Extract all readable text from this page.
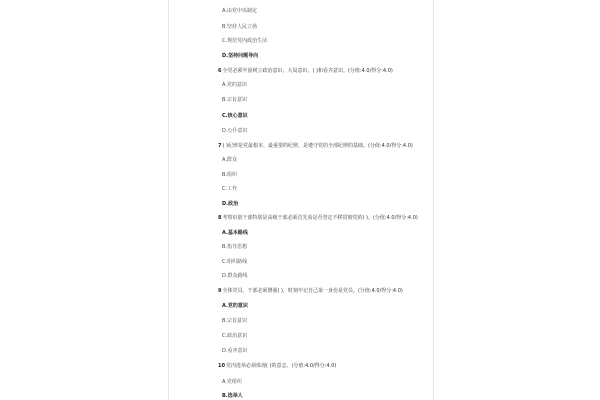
A.由党中央制定
B.坚持人民立场
C.规范党内政治生活
D.坚持问题导向
6全党必须牢固树立政治意识、大局意识、( )和看齐意识。(分值:4.0/得分:4.0)
A.党的意识
B.宗旨意识
C.核心意识
D.公仆意识
7( )纪律是党最根本、最重要的纪律，是遵守党的全部纪律的基础。(分值:4.0/得分:4.0)
A.群众
B.组织
C.工作
D.政治
8考察识别干部特别是高级干部必须首先看是否坚定不移贯彻党的( )。(分值:4.0/得分:4.0)
A.基本路线
B.指导思想
C.组织路线
D.群众路线
9全体党员、干部必须增强( )，时刻牢记自己第一身份是党员。(分值:4.0/得分:4.0)
A.党的意识
B.宗旨意识
C.政治意识
D.看齐意识
10党内选举必须体现( )的意志。(分值:4.0/得分:4.0)
A.党组织
B.选举人
